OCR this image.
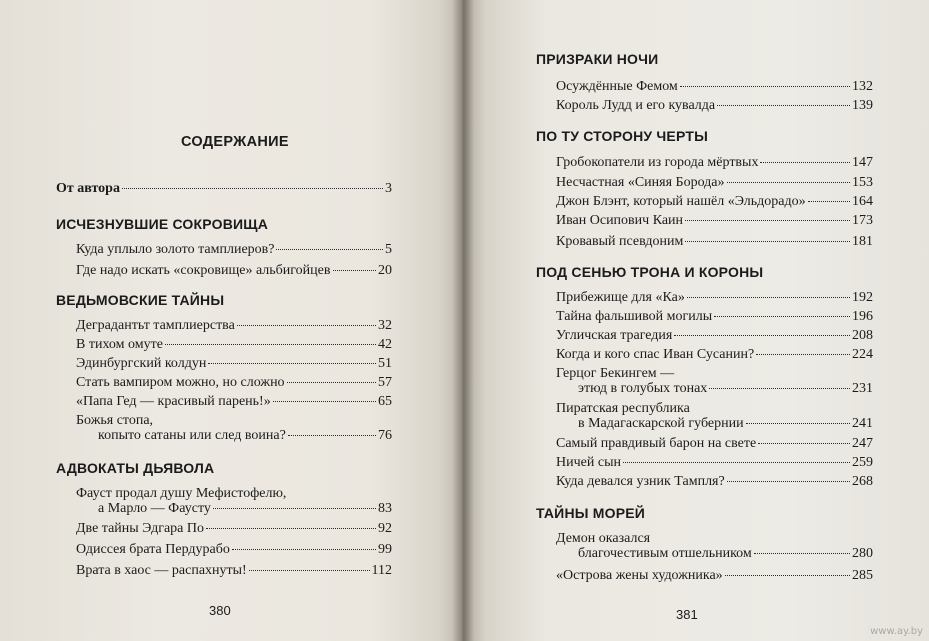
СОДЕРЖАНИЕ
От автора	3
ИСЧЕЗНУВШИЕ СОКРОВИЩА
Куда уплыло золото тамплиеров?	5
Где надо искать «сокровище» альбигойцев	20
ВЕДЬМОВСКИЕ ТАЙНЫ
Деградантьт тамплиерства	32
В тихом омуте	42
Эдинбургский колдун	51
Стать вампиром можно, но сложно	57
«Папа Гед — красивый парень!»	65
Божья стопа,
копыто сатаны или след воина?	76
АДВОКАТЫ ДЬЯВОЛА
Фауст продал душу Мефистофелю,
а Марло — Фаусту	83
Две тайны Эдгара По	92
Одиссея брата Пердурабо	99
Врата в хаос — распахнуты!	112
380
ПРИЗРАКИ НОЧИ
Осуждённые Фемом	132
Король Лудд и его кувалда	139
ПО ТУ СТОРОНУ ЧЕРТЫ
Гробокопатели из города мёртвых	147
Несчастная «Синяя Борода»	153
Джон Блэнт, который нашёл «Эльдорадо»	164
Иван Осипович Каин	173
Кровавый псевдоним	181
ПОД СЕНЬЮ ТРОНА И КОРОНЫ
Прибежище для «Ка»	192
Тайна фальшивой могилы	196
Угличская трагедия	208
Когда и кого спас Иван Сусанин?	224
Герцог Бекингем —
этюд в голубых тонах	231
Пиратская республика
в Мадагаскарской губернии	241
Самый правдивый барон на свете	247
Ничей сын	259
Куда девался узник Тампля?	268
ТАЙНЫ МОРЕЙ
Демон оказался
благочестивым отшельником	280
«Острова жены художника»	285
381
www.ay.by
